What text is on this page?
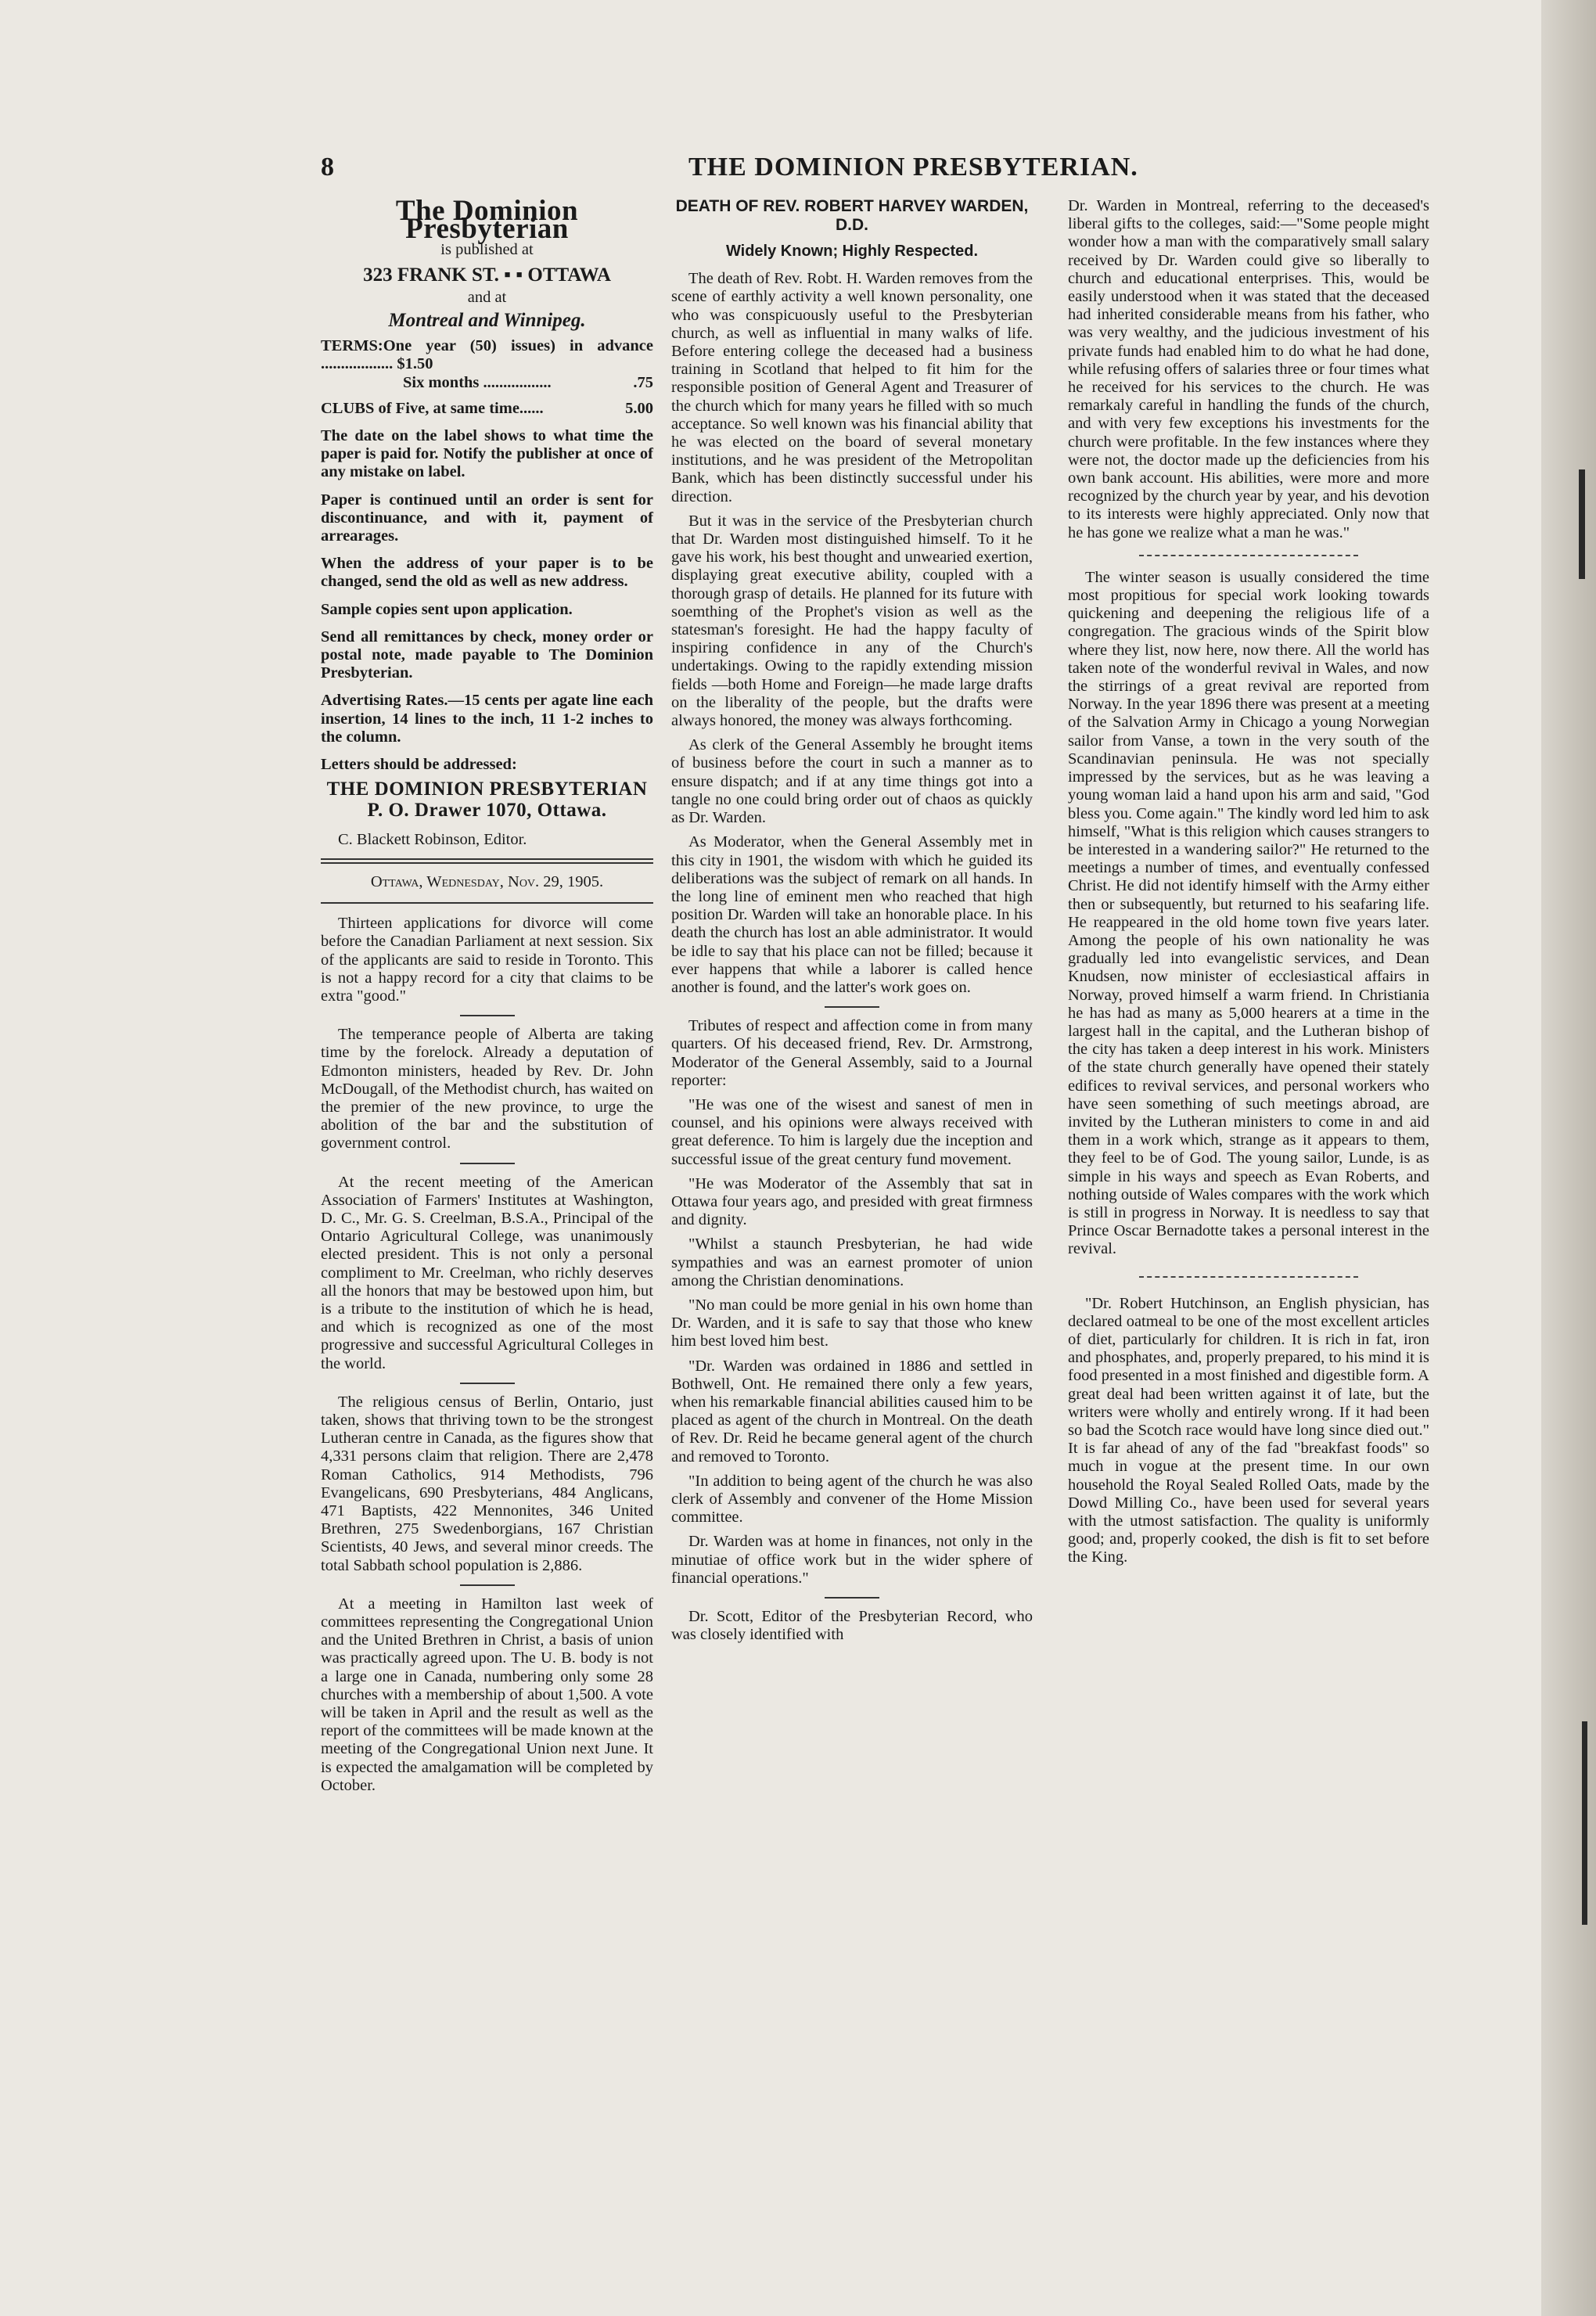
8	THE DOMINION PRESBYTERIAN.
The Dominion Presbyterian
is published at
323 FRANK ST. ▪ ▪ OTTAWA
and at
Montreal and Winnipeg.
TERMS:One year (50) issues) in advance .................. $1.50
Six months .................	.75
CLUBS of Five, at same time......	5.00

The date on the label shows to what time the paper is paid for. Notify the publisher at once of any mistake on label.

Paper is continued until an order is sent for discontinuance, and with it, payment of arrearages.

When the address of your paper is to be changed, send the old as well as new address.

Sample copies sent upon application.

Send all remittances by check, money order or postal note, made payable to The Dominion Presbyterian.

Advertising Rates.—15 cents per agate line each insertion, 14 lines to the inch, 11 1-2 inches to the column.

Letters should be addressed:

THE DOMINION PRESBYTERIAN
P. O. Drawer 1070, Ottawa.

C. Blackett Robinson, Editor.

Ottawa, Wednesday, Nov. 29, 1905.

Thirteen applications for divorce will come before the Canadian Parliament at next session. Six of the applicants are said to reside in Toronto. This is not a happy record for a city that claims to be extra "good."

The temperance people of Alberta are taking time by the forelock. Already a deputation of Edmonton ministers, headed by Rev. Dr. John McDougall, of the Methodist church, has waited on the premier of the new province, to urge the abolition of the bar and the substitution of government control.

At the recent meeting of the American Association of Farmers' Institutes at Washington, D. C., Mr. G. S. Creelman, B.S.A., Principal of the Ontario Agricultural College, was unanimously elected president. This is not only a personal compliment to Mr. Creelman, who richly deserves all the honors that may be bestowed upon him, but is a tribute to the institution of which he is head, and which is recognized as one of the most progressive and successful Agricultural Colleges in the world.

The religious census of Berlin, Ontario, just taken, shows that thriving town to be the strongest Lutheran centre in Canada, as the figures show that 4,331 persons claim that religion. There are 2,478 Roman Catholics, 914 Methodists, 796 Evangelicans, 690 Presbyterians, 484 Anglicans, 471 Baptists, 422 Mennonites, 346 United Brethren, 275 Swedenborgians, 167 Christian Scientists, 40 Jews, and several minor creeds. The total Sabbath school population is 2,886.

At a meeting in Hamilton last week of committees representing the Congregational Union and the United Brethren in Christ, a basis of union was practically agreed upon. The U. B. body is not a large one in Canada, numbering only some 28 churches with a membership of about 1,500. A vote will be taken in April and the result as well as the report of the committees will be made known at the meeting of the Congregational Union next June. It is expected the amalgamation will be completed by October.

DEATH OF REV. ROBERT HARVEY WARDEN, D.D.
Widely Known; Highly Respected.

The death of Rev. Robt. H. Warden removes from the scene of earthly activity a well known personality, one who was conspicuously useful to the Presbyterian church, as well as influential in many walks of life. Before entering college the deceased had a business training in Scotland that helped to fit him for the responsible position of General Agent and Treasurer of the church which for many years he filled with so much acceptance. So well known was his financial ability that he was elected on the board of several monetary institutions, and he was president of the Metropolitan Bank, which has been distinctly successful under his direction.

But it was in the service of the Presbyterian church that Dr. Warden most distinguished himself. To it he gave his work, his best thought and unwearied exertion, displaying great executive ability, coupled with a thorough grasp of details. He planned for its future with soemthing of the Prophet's vision as well as the statesman's foresight. He had the happy faculty of inspiring confidence in any of the Church's undertakings. Owing to the rapidly extending mission fields —both Home and Foreign—he made large drafts on the liberality of the people, but the drafts were always honored, the money was always forthcoming.

As clerk of the General Assembly he brought items of business before the court in such a manner as to ensure dispatch; and if at any time things got into a tangle no one could bring order out of chaos as quickly as Dr. Warden.

As Moderator, when the General Assembly met in this city in 1901, the wisdom with which he guided its deliberations was the subject of remark on all hands. In the long line of eminent men who reached that high position Dr. Warden will take an honorable place. In his death the church has lost an able administrator. It would be idle to say that his place can not be filled; because it ever happens that while a laborer is called hence another is found, and the latter's work goes on.

Tributes of respect and affection come in from many quarters. Of his deceased friend, Rev. Dr. Armstrong, Moderator of the General Assembly, said to a Journal reporter:

"He was one of the wisest and sanest of men in counsel, and his opinions were always received with great deference. To him is largely due the inception and successful issue of the great century fund movement.

"He was Moderator of the Assembly that sat in Ottawa four years ago, and presided with great firmness and dignity.

"Whilst a staunch Presbyterian, he had wide sympathies and was an earnest promoter of union among the Christian denominations.

"No man could be more genial in his own home than Dr. Warden, and it is safe to say that those who knew him best loved him best.

"Dr. Warden was ordained in 1886 and settled in Bothwell, Ont. He remained there only a few years, when his remarkable financial abilities caused him to be placed as agent of the church in Montreal. On the death of Rev. Dr. Reid he became general agent of the church and removed to Toronto.

"In addition to being agent of the church he was also clerk of Assembly and convener of the Home Mission committee.

Dr. Warden was at home in finances, not only in the minutiae of office work but in the wider sphere of financial operations."

Dr. Scott, Editor of the Presbyterian Record, who was closely identified with

Dr. Warden in Montreal, referring to the deceased's liberal gifts to the colleges, said:—"Some people might wonder how a man with the comparatively small salary received by Dr. Warden could give so liberally to church and educational enterprises. This, would be easily understood when it was stated that the deceased had inherited considerable means from his father, who was very wealthy, and the judicious investment of his private funds had enabled him to do what he had done, while refusing offers of salaries three or four times what he received for his services to the church. He was remarkaly careful in handling the funds of the church, and with very few exceptions his investments for the church were profitable. In the few instances where they were not, the doctor made up the deficiencies from his own bank account. His abilities, were more and more recognized by the church year by year, and his devotion to its interests were highly appreciated. Only now that he has gone we realize what a man he was."

The winter season is usually considered the time most propitious for special work looking towards quickening and deepening the religious life of a congregation. The gracious winds of the Spirit blow where they list, now here, now there. All the world has taken note of the wonderful revival in Wales, and now the stirrings of a great revival are reported from Norway. In the year 1896 there was present at a meeting of the Salvation Army in Chicago a young Norwegian sailor from Vanse, a town in the very south of the Scandinavian peninsula. He was not specially impressed by the services, but as he was leaving a young woman laid a hand upon his arm and said, "God bless you. Come again." The kindly word led him to ask himself, "What is this religion which causes strangers to be interested in a wandering sailor?" He returned to the meetings a number of times, and eventually confessed Christ. He did not identify himself with the Army either then or subsequently, but returned to his seafaring life. He reappeared in the old home town five years later. Among the people of his own nationality he was gradually led into evangelistic services, and Dean Knudsen, now minister of ecclesiastical affairs in Norway, proved himself a warm friend. In Christiania he has had as many as 5,000 hearers at a time in the largest hall in the capital, and the Lutheran bishop of the city has taken a deep interest in his work. Ministers of the state church generally have opened their stately edifices to revival services, and personal workers who have seen something of such meetings abroad, are invited by the Lutheran ministers to come in and aid them in a work which, strange as it appears to them, they feel to be of God. The young sailor, Lunde, is as simple in his ways and speech as Evan Roberts, and nothing outside of Wales compares with the work which is still in progress in Norway. It is needless to say that Prince Oscar Bernadotte takes a personal interest in the revival.

"Dr. Robert Hutchinson, an English physician, has declared oatmeal to be one of the most excellent articles of diet, particularly for children. It is rich in fat, iron and phosphates, and, properly prepared, to his mind it is food presented in a most finished and digestible form. A great deal had been written against it of late, but the writers were wholly and entirely wrong. If it had been so bad the Scotch race would have long since died out." It is far ahead of any of the fad "breakfast foods" so much in vogue at the present time. In our own household the Royal Sealed Rolled Oats, made by the Dowd Milling Co., have been used for several years with the utmost satisfaction. The quality is uniformly good; and, properly cooked, the dish is fit to set before the King.
